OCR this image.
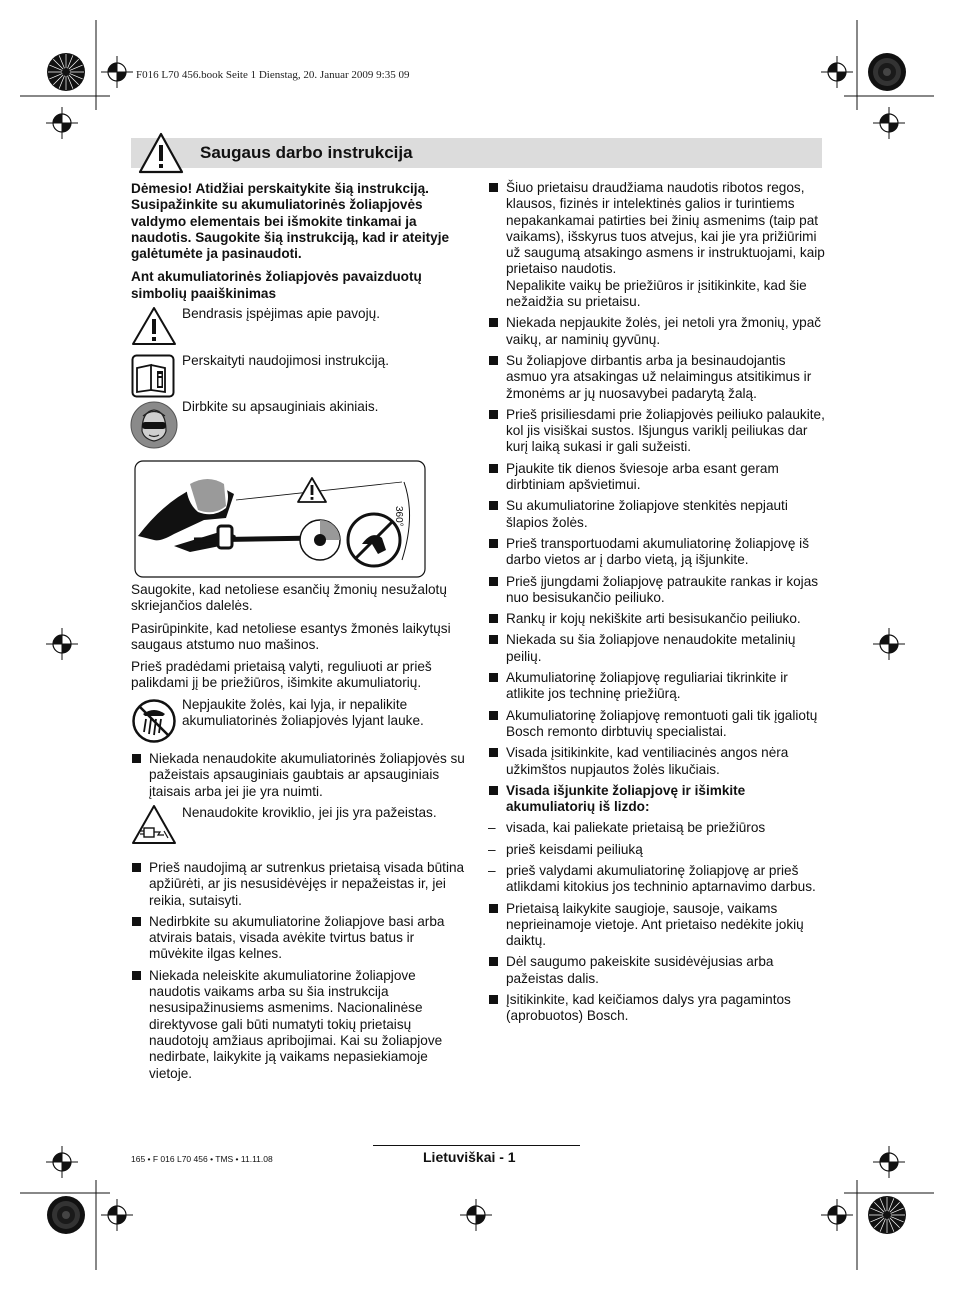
F016 L70 456.book Seite 1 Dienstag, 20. Januar 2009 9:35 09
Saugaus darbo instrukcija

Dėmesio! Atidžiai perskaitykite šią instrukciją. Susipažinkite su akumuliatorinės žoliapjovės valdymo elementais bei išmokite tinkamai ja naudotis. Saugokite šią instrukciją, kad ir ateityje galėtumėte ja pasinaudoti.

Ant akumuliatorinės žoliapjovės pavaizduotų simbolių paaiškinimas

Bendrasis įspėjimas apie pavojų.
Perskaityti naudojimosi instrukciją.
Dirbkite su apsauginiais akiniais.
360°

Saugokite, kad netoliese esančių žmonių nesužalotų skriejančios dalelės.

Pasirūpinkite, kad netoliese esantys žmonės laikytųsi saugaus atstumo nuo mašinos.

Prieš pradėdami prietaisą valyti, reguliuoti ar prieš palikdami jį be priežiūros, išimkite akumuliatorių.

Nepjaukite žolės, kai lyja, ir nepalikite akumuliatorinės žoliapjovės lyjant lauke.

Niekada nenaudokite akumuliatorinės žoliapjovės su pažeistais apsauginiais gaubtais ar apsauginiais įtaisais arba jei jie yra nuimti.

Nenaudokite kroviklio, jei jis yra pažeistas.

Prieš naudojimą ar sutrenkus prietaisą visada būtina apžiūrėti, ar jis nesusidėvėjęs ir nepažeistas ir, jei reikia, sutaisyti.

Nedirbkite su akumuliatorine žoliapjove basi arba atvirais batais, visada avėkite tvirtus batus ir mūvėkite ilgas kelnes.

Niekada neleiskite akumuliatorine žoliapjove naudotis vaikams arba su šia instrukcija nesusipažinusiems asmenims. Nacionalinėse direktyvose gali būti numatyti tokių prietaisų naudotojų amžiaus apribojimai. Kai su žoliapjove nedirbate, laikykite ją vaikams nepasiekiamoje vietoje.

Šiuo prietaisu draudžiama naudotis ribotos regos, klausos, fizinės ir intelektinės galios ir turintiems nepakankamai patirties bei žinių asmenims (taip pat vaikams), išskyrus tuos atvejus, kai jie yra prižiūrimi už saugumą atsakingo asmens ir instruktuojami, kaip prietaiso naudotis.

Nepalikite vaikų be priežiūros ir įsitikinkite, kad šie nežaidžia su prietaisu.

Niekada nepjaukite žolės, jei netoli yra žmonių, ypač vaikų, ar naminių gyvūnų.

Su žoliapjove dirbantis arba ja besinaudojantis asmuo yra atsakingas už nelaimingus atsitikimus ir žmonėms ar jų nuosavybei padarytą žalą.

Prieš prisiliesdami prie žoliapjovės peiliuko palaukite, kol jis visiškai sustos. Išjungus variklį peiliukas dar kurį laiką sukasi ir gali sužeisti.

Pjaukite tik dienos šviesoje arba esant geram dirbtiniam apšvietimui.

Su akumuliatorine žoliapjove stenkitės nepjauti šlapios žolės.

Prieš transportuodami akumuliatorinę žoliapjovę iš darbo vietos ar į darbo vietą, ją išjunkite.

Prieš įjungdami žoliapjovę patraukite rankas ir kojas nuo besisukančio peiliuko.

Rankų ir kojų nekiškite arti besisukančio peiliuko.

Niekada su šia žoliapjove nenaudokite metalinių peilių.

Akumuliatorinę žoliapjovę reguliariai tikrinkite ir atlikite jos techninę priežiūrą.

Akumuliatorinę žoliapjovę remontuoti gali tik įgaliotų Bosch remonto dirbtuvių specialistai.

Visada įsitikinkite, kad ventiliacinės angos nėra užkimštos nupjautos žolės likučiais.

Visada išjunkite žoliapjovę ir išimkite akumuliatorių iš lizdo:

– visada, kai paliekate prietaisą be priežiūros

– prieš keisdami peiliuką

– prieš valydami akumuliatorinę žoliapjovę ar prieš atlikdami kitokius jos techninio aptarnavimo darbus.

Prietaisą laikykite saugioje, sausoje, vaikams neprieinamoje vietoje. Ant prietaiso nedėkite jokių daiktų.

Dėl saugumo pakeiskite susidėvėjusias arba pažeistas dalis.

Įsitikinkite, kad keičiamos dalys yra pagamintos (aprobuotos) Bosch.

165 • F 016 L70 456 • TMS • 11.11.08	Lietuviškai - 1
